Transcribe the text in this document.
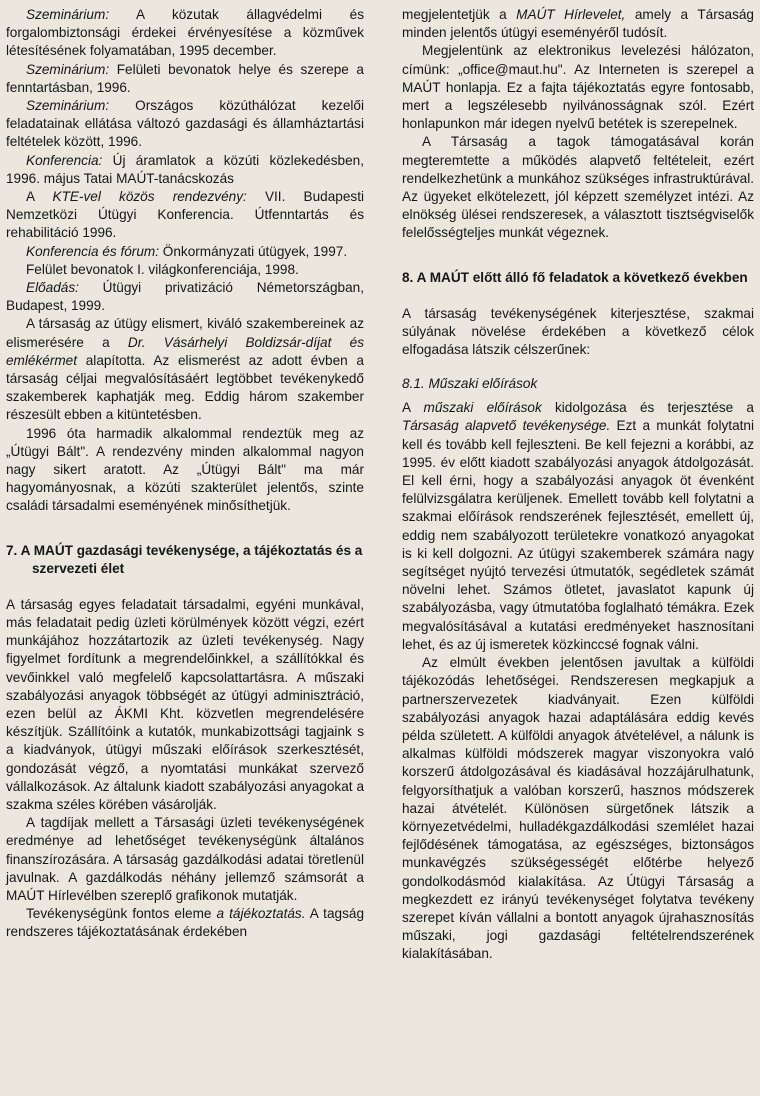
Szeminárium: A közutak állagvédelmi és forgalombiztonsági érdekei érvényesítése a közművek létesítésének folyamatában, 1995 december.

Szeminárium: Felületi bevonatok helye és szerepe a fenntartásban, 1996.

Szeminárium: Országos közúthálózat kezelői feladatainak ellátása változó gazdasági és államháztartási feltételek között, 1996.

Konferencia: Új áramlatok a közúti közlekedésben, 1996. május Tatai MAÚT-tanácskozás

A KTE-vel közös rendezvény: VII. Budapesti Nemzetközi Útügyi Konferencia. Útfenntartás és rehabilitáció 1996.

Konferencia és fórum: Önkormányzati útügyek, 1997.

Felület bevonatok I. világkonferenciája, 1998.

Előadás: Útügyi privatizáció Németországban, Budapest, 1999.

A társaság az útügy elismert, kiváló szakembereinek az elismerésére a Dr. Vásárhelyi Boldizsár-díjat és emlékérmet alapította. Az elismerést az adott évben a társaság céljai megvalósításáért legtöbbet tevékenykedő szakemberek kaphatják meg. Eddig három szakember részesült ebben a kitüntetésben.

1996 óta harmadik alkalommal rendeztük meg az „Útügyi Bált". A rendezvény minden alkalommal nagyon nagy sikert aratott. Az „Útügyi Bált" ma már hagyományosnak, a közúti szakterület jelentős, szinte családi társadalmi eseményének minősíthetjük.

7. A MAÚT gazdasági tevékenysége, a tájékoztatás és a szervezeti élet

A társaság egyes feladatait társadalmi, egyéni munkával, más feladatait pedig üzleti körülmények között végzi, ezért munkájához hozzátartozik az üzleti tevékenység. Nagy figyelmet fordítunk a megrendelőinkkel, a szállítókkal és vevőinkkel való megfelelő kapcsolattartásra. A műszaki szabályozási anyagok többségét az útügyi adminisztráció, ezen belül az ÁKMI Kht. közvetlen megrendelésére készítjük. Szállítóink a kutatók, munkabizottsági tagjaink s a kiadványok, útügyi műszaki előírások szerkesztését, gondozását végző, a nyomtatási munkákat szervező vállalkozások. Az általunk kiadott szabályozási anyagokat a szakma széles körében vásárolják.

A tagdíjak mellett a Társasági üzleti tevékenységének eredménye ad lehetőséget tevékenységünk általános finanszírozására. A társaság gazdálkodási adatai töretlenül javulnak. A gazdálkodás néhány jellemző számsorát a MAÚT Hírlevélben szereplő grafikonok mutatják.

Tevékenységünk fontos eleme a tájékoztatás. A tagság rendszeres tájékoztatásának érdekében

megjelentetjük a MAÚT Hírlevelet, amely a Társaság minden jelentős útügyi eseményéről tudósít.

Megjelentünk az elektronikus levelezési hálózaton, címünk: „office@maut.hu". Az Interneten is szerepel a MAÚT honlapja. Ez a fajta tájékoztatás egyre fontosabb, mert a legszélesebb nyilvánosságnak szól. Ezért honlapunkon már idegen nyelvű betétek is szerepelnek.

A Társaság a tagok támogatásával korán megteremtette a működés alapvető feltételeit, ezért rendelkezhetünk a munkához szükséges infrastruktúrával. Az ügyeket elkötelezett, jól képzett személyzet intézi. Az elnökség ülései rendszeresek, a választott tisztségviselők felelősségteljes munkát végeznek.

8. A MAÚT előtt álló fő feladatok a következő években

A társaság tevékenységének kiterjesztése, szakmai súlyának növelése érdekében a következő célok elfogadása látszik célszerűnek:

8.1. Műszaki előírások

A műszaki előírások kidolgozása és terjesztése a Társaság alapvető tevékenysége. Ezt a munkát folytatni kell és tovább kell fejleszteni. Be kell fejezni a korábbi, az 1995. év előtt kiadott szabályozási anyagok átdolgozását. El kell érni, hogy a szabályozási anyagok öt évenként felülvizsgálatra kerüljenek. Emellett tovább kell folytatni a szakmai előírások rendszerének fejlesztését, emellett új, eddig nem szabályozott területekre vonatkozó anyagokat is ki kell dolgozni. Az útügyi szakemberek számára nagy segítséget nyújtó tervezési útmutatók, segédletek számát növelni lehet. Számos ötletet, javaslatot kapunk új szabályozásba, vagy útmutatóba foglalható témákra. Ezek megvalósításával a kutatási eredményeket hasznosítani lehet, és az új ismeretek közkinccsé fognak válni.

Az elmúlt években jelentősen javultak a külföldi tájékozódás lehetőségei. Rendszeresen megkapjuk a partnerszervezetek kiadványait. Ezen külföldi szabályozási anyagok hazai adaptálására eddig kevés példa született. A külföldi anyagok átvételével, a nálunk is alkalmas külföldi módszerek magyar viszonyokra való korszerű átdolgozásával és kiadásával hozzájárulhatunk, felgyorsíthatjuk a valóban korszerű, hasznos módszerek hazai átvételét. Különösen sürgetőnek látszik a környezetvédelmi, hulladékgazdálkodási szemlélet hazai fejlődésének támogatása, az egészséges, biztonságos munkavégzés szükségességét előtérbe helyező gondolkodásmód kialakítása. Az Útügyi Társaság a megkezdett ez irányú tevékenységet folytatva tevékeny szerepet kíván vállalni a bontott anyagok újrahasznosítás műszaki, jogi gazdasági feltételrendszerének kialakításában.
